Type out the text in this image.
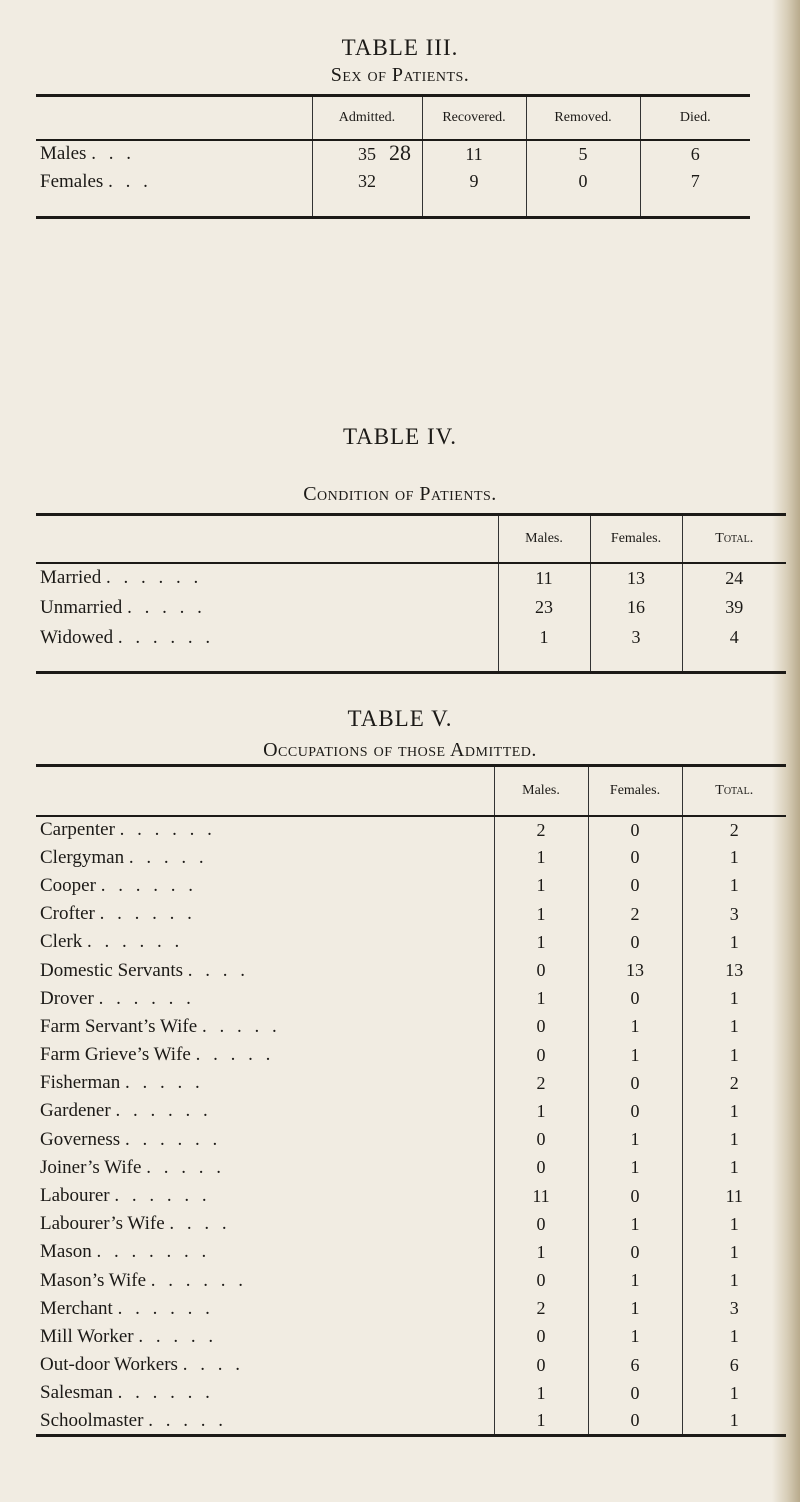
28
TABLE III.
Sex of Patients.
	Admitted.	Recovered.	Removed.	Died.
Males . . .	35	11	5	6
Females . . .	32	9	0	7

TABLE IV.
Condition of Patients.
	Males.	Females.	Total.
Married . . . . . .	11	13	24
Unmarried . . . . .	23	16	39
Widowed . . . . . .	1	3	4

TABLE V.
Occupations of those Admitted.
	Males.	Females.	Total.
Carpenter . . . . . .	2	0	2
Clergyman . . . . .	1	0	1
Cooper . . . . . .	1	0	1
Crofter . . . . . .	1	2	3
Clerk . . . . . .	1	0	1
Domestic Servants . . . .	0	13	13
Drover . . . . . .	1	0	1
Farm Servant’s Wife . . . . .	0	1	1
Farm Grieve’s Wife . . . . .	0	1	1
Fisherman . . . . .	2	0	2
Gardener . . . . . .	1	0	1
Governess . . . . . .	0	1	1
Joiner’s Wife . . . . .	0	1	1
Labourer . . . . . .	11	0	11
Labourer’s Wife . . . .	0	1	1
Mason . . . . . . .	1	0	1
Mason’s Wife . . . . . .	0	1	1
Merchant . . . . . .	2	1	3
Mill Worker . . . . .	0	1	1
Out-door Workers . . . .	0	6	6
Salesman . . . . . .	1	0	1
Schoolmaster . . . . .	1	0	1
